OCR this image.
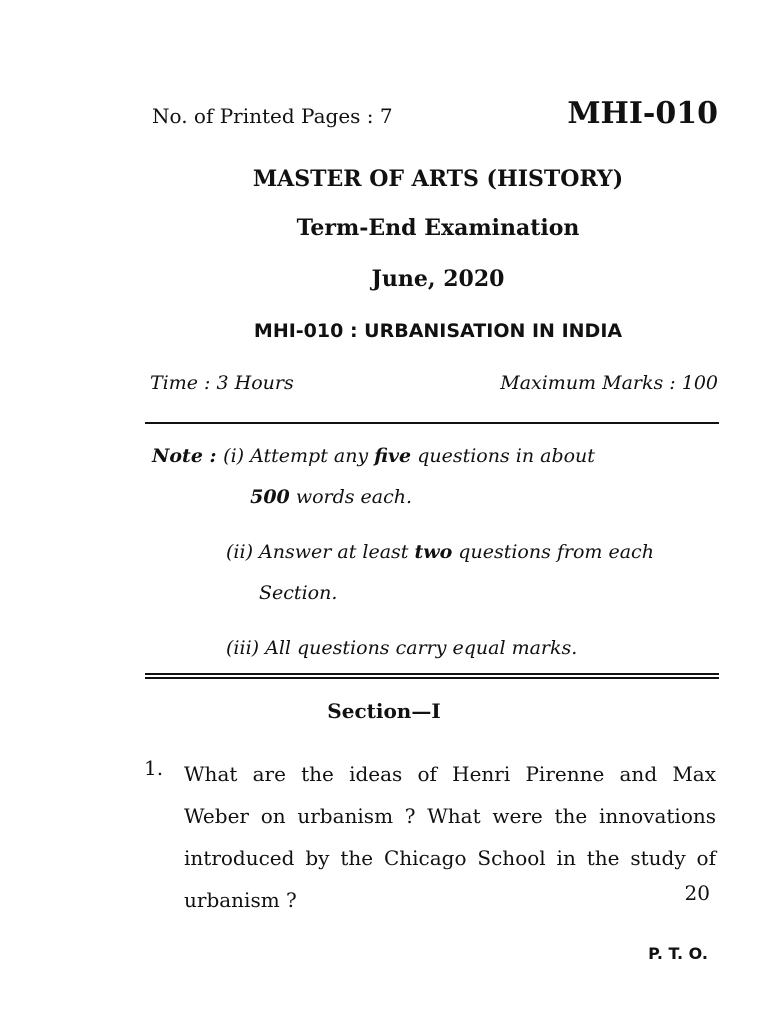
No. of Printed Pages : 7	MHI-010
MASTER OF ARTS (HISTORY)
Term-End Examination
June, 2020
MHI-010 : URBANISATION IN INDIA
Time : 3 Hours	Maximum Marks : 100
Note : (i) Attempt any five questions in about
500 words each.
(ii) Answer at least two questions from each Section.
(iii) All questions carry equal marks.
Section—I
1. What are the ideas of Henri Pirenne and Max Weber on urbanism ? What were the innovations introduced by the Chicago School in the study of urbanism ?	20
P. T. O.
